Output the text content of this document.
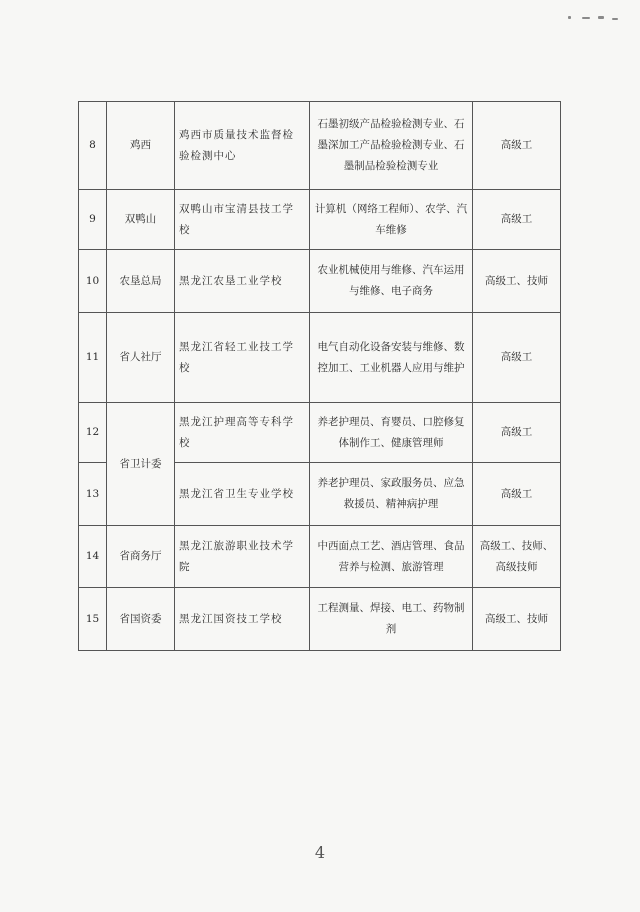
8	鸡西	鸡西市质量技术监督检验检测中心	石墨初级产品检验检测专业、石墨深加工产品检验检测专业、石墨制品检验检测专业	高级工
9	双鸭山	双鸭山市宝清县技工学校	计算机（网络工程师）、农学、汽车维修	高级工
10	农垦总局	黑龙江农垦工业学校	农业机械使用与维修、汽车运用与维修、电子商务	高级工、技师
11	省人社厅	黑龙江省轻工业技工学校	电气自动化设备安装与维修、数控加工、工业机器人应用与维护	高级工
12	省卫计委	黑龙江护理高等专科学校	养老护理员、育婴员、口腔修复体制作工、健康管理师	高级工
13		黑龙江省卫生专业学校	养老护理员、家政服务员、应急救援员、精神病护理	高级工
14	省商务厅	黑龙江旅游职业技术学院	中西面点工艺、酒店管理、食品营养与检测、旅游管理	高级工、技师、高级技师
15	省国资委	黑龙江国资技工学校	工程测量、焊接、电工、药物制剂	高级工、技师
4
